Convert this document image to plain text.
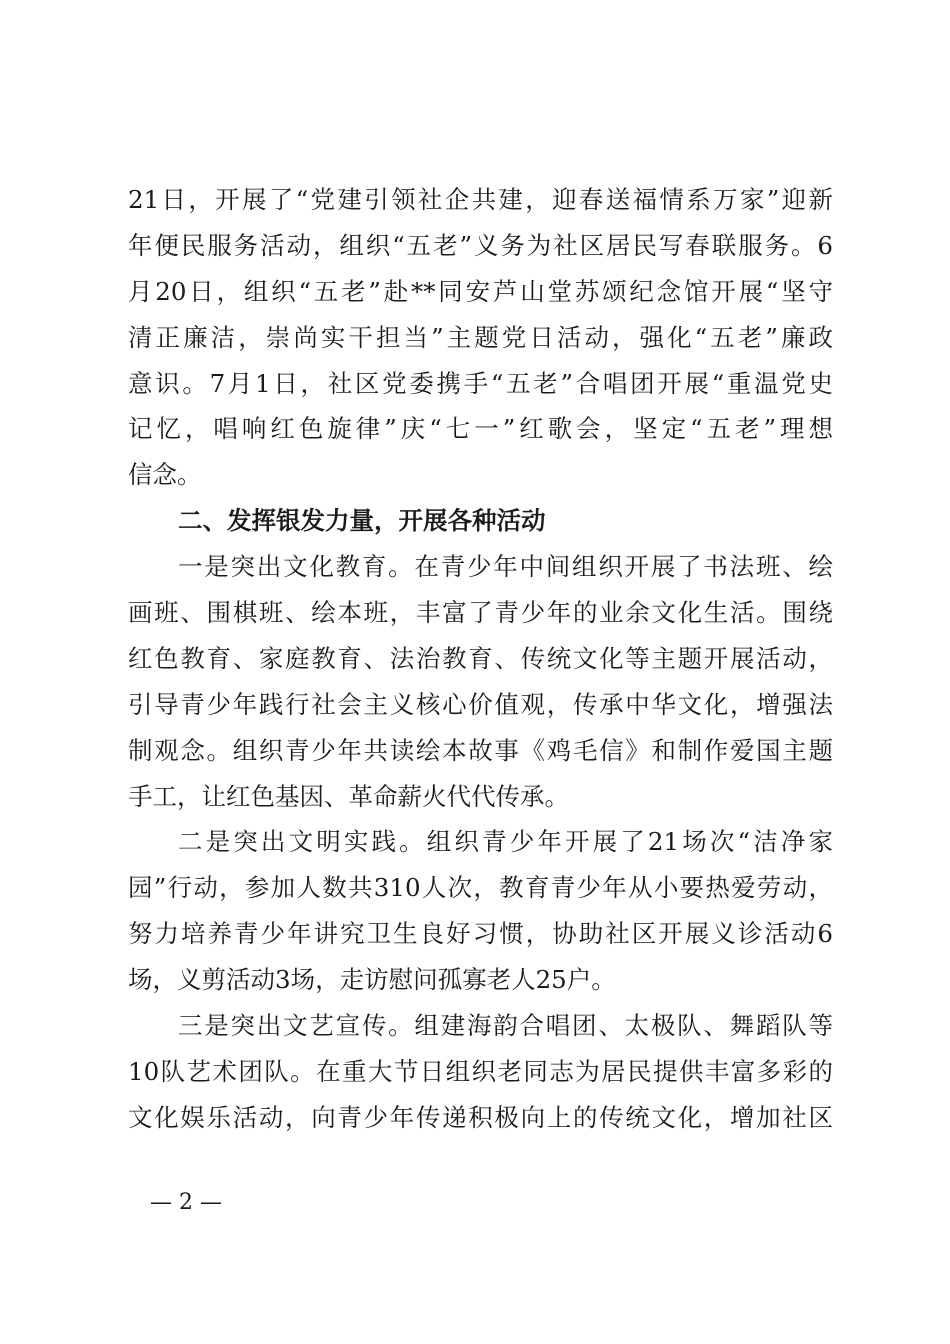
21日，开展了“党建引领社企共建，迎春送福情系万家”迎新
年便民服务活动，组织“五老”义务为社区居民写春联服务。6
月20日，组织“五老”赴**同安芦山堂苏颂纪念馆开展“坚守
清正廉洁，崇尚实干担当”主题党日活动，强化“五老”廉政
意识。7月1日，社区党委携手“五老”合唱团开展“重温党史
记忆，唱响红色旋律”庆“七一”红歌会，坚定“五老”理想
信念。
二、发挥银发力量，开展各种活动
一是突出文化教育。在青少年中间组织开展了书法班、绘
画班、围棋班、绘本班，丰富了青少年的业余文化生活。围绕
红色教育、家庭教育、法治教育、传统文化等主题开展活动，
引导青少年践行社会主义核心价值观，传承中华文化，增强法
制观念。组织青少年共读绘本故事《鸡毛信》和制作爱国主题
手工，让红色基因、革命薪火代代传承。
二是突出文明实践。组织青少年开展了21场次“洁净家
园”行动，参加人数共310人次，教育青少年从小要热爱劳动，
努力培养青少年讲究卫生良好习惯，协助社区开展义诊活动6
场，义剪活动3场，走访慰问孤寡老人25户。
三是突出文艺宣传。组建海韵合唱团、太极队、舞蹈队等
10队艺术团队。在重大节日组织老同志为居民提供丰富多彩的
文化娱乐活动，向青少年传递积极向上的传统文化，增加社区
— 2 —
